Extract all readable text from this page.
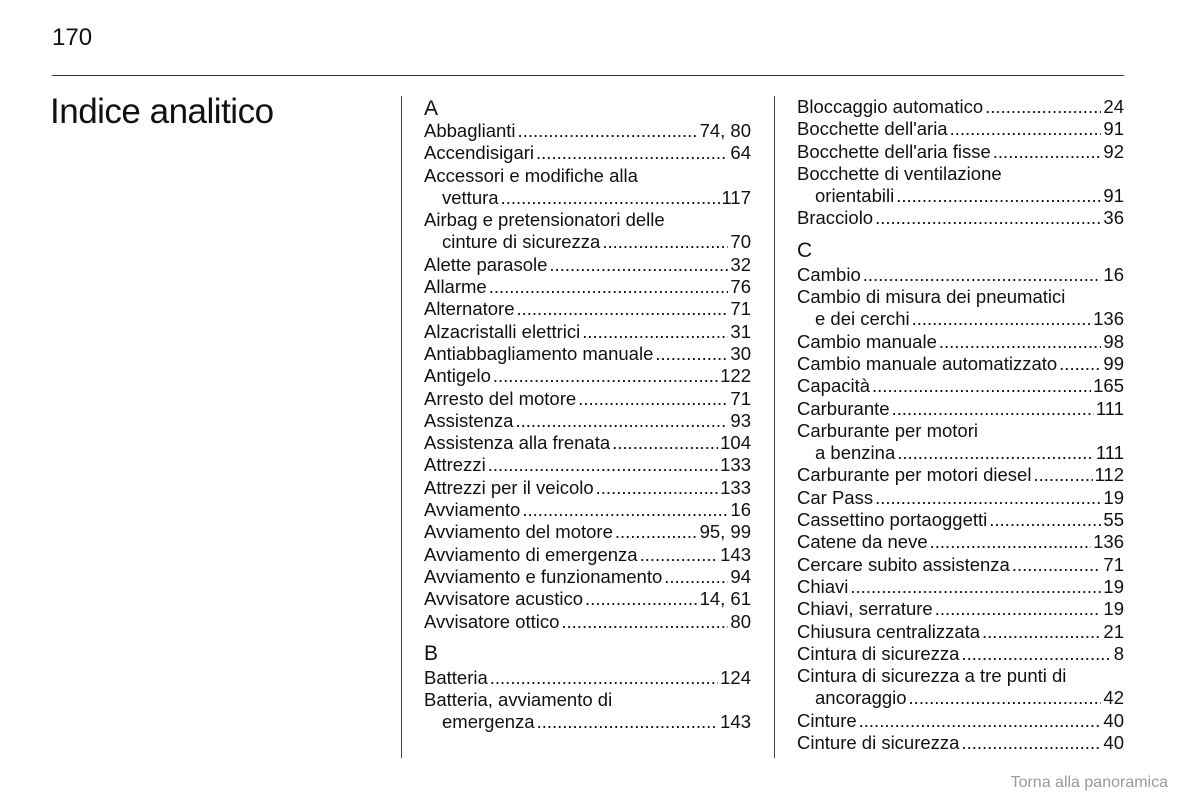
170
Indice analitico	A
Abbaglianti .....	74, 80
Accendisigari .....	64
Accessori e modifiche alla
vettura .....	117
Airbag e pretensionatori delle
cinture di sicurezza .....	70
Alette parasole .....	32
Allarme .....	76
Alternatore .....	71
Alzacristalli elettrici .....	31
Antiabbagliamento manuale .....	30
Antigelo .....	122
Arresto del motore .....	71
Assistenza .....	93
Assistenza alla frenata .....	104
Attrezzi .....	133
Attrezzi per il veicolo .....	133
Avviamento .....	16
Avviamento del motore .....	95, 99
Avviamento di emergenza .....	143
Avviamento e funzionamento .....	94
Avvisatore acustico .....	14, 61
Avvisatore ottico .....	80
B
Batteria .....	124
Batteria, avviamento di
emergenza .....	143
Bloccaggio automatico .....	24
Bocchette dell'aria .....	91
Bocchette dell'aria fisse .....	92
Bocchette di ventilazione
orientabili .....	91
Bracciolo .....	36
C
Cambio .....	16
Cambio di misura dei pneumatici
e dei cerchi .....	136
Cambio manuale .....	98
Cambio manuale automatizzato .....	99
Capacità .....	165
Carburante .....	111
Carburante per motori
a benzina .....	111
Carburante per motori diesel .....	112
Car Pass .....	19
Cassettino portaoggetti .....	55
Catene da neve .....	136
Cercare subito assistenza .....	71
Chiavi .....	19
Chiavi, serrature .....	19
Chiusura centralizzata .....	21
Cintura di sicurezza .....	8
Cintura di sicurezza a tre punti di
ancoraggio .....	42
Cinture .....	40
Cinture di sicurezza .....	40
Torna alla panoramica
